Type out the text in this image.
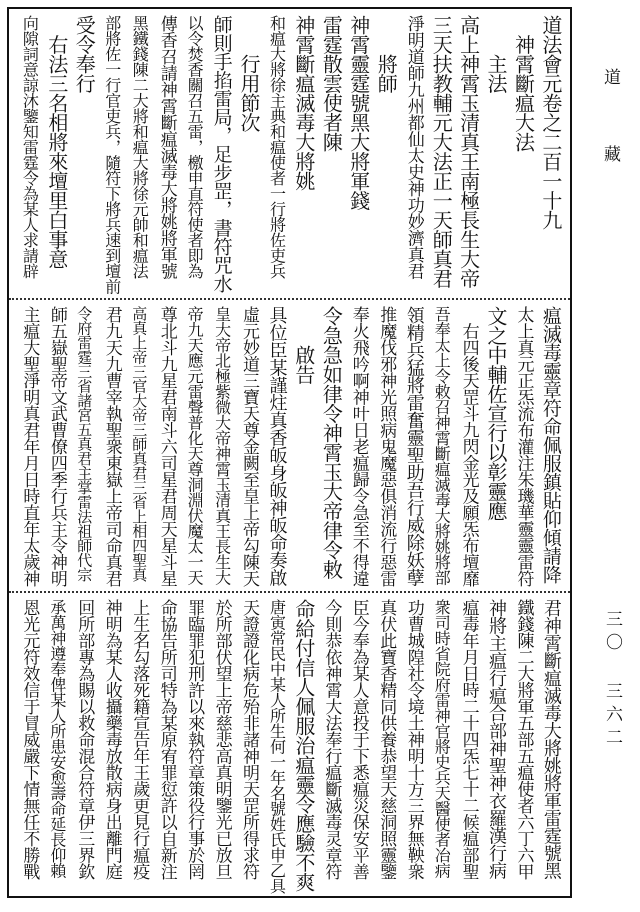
道法會元卷之二百一十九
　神霄斷瘟大法
　　主法
高上神霄玉清真王南極長生大帝
三天扶教輔元大法正一天師真君
淨明道師九州都仙太史神功妙濟真君
　　將師
神霄靈霆號黑大將軍錢
雷霆散雲使者陳
神霄斷瘟滅毒大將姚
和瘟大將徐主典和瘟使者一行將佐吏兵
　　行用節次
師則手掐雷局，足步罡，書符咒水
以令焚香關召五雷，檄申直符使者即為
傳香召請神霄斷瘟滅毒大將姚將軍號
黑鐵錢陳二大將和瘟大將徐元帥和瘟法
部將佐一行官吏兵，隨符下將兵速到壇前
受令奉行
　右法三名相將來壇里白事意
向隙詞意諒沐鑒知雷霆令為某人求請辟
瘟滅毒靈章符命佩服鎮貼仰傾請降
太上真元正炁流布灌注朱璣華靈靈雷符
文之中輔佐宣行以彰靈應
　右四後天罡斗九閃金光及願炁布壇靡
吾奉太上令敕召神霄斷瘟滅毒大將姚將部
領精兵猛將雷奮靈聖助吾行威除妖孽
推魔伐邪神光照病鬼魔惡俱消流行惡雷
奉火飛吟啊神叶日老瘟歸令急至不得違
令急急如律令神霄玉大帝律令敕
　　啟告
具位臣某謹炷真香皈身皈神皈命奏啟
虛元妙道三寶天尊金闕至皇上帝勾陳天
皇大帝北極紫微大帝神霄玉清真王長生大
帝九天應元雷聲普化天尊洞淵伏魔太一天
尊北斗九星君南斗六司星君周天星斗星
高真上帝三官大帝三師真君三省上相四聖真
君九天九曹宰執聖衆東嶽上帝司命真君
令府雷霆三省諸宮五真君主掌雷法祖師代宗
師五嶽聖帝文武曹僚四季行兵主令神明
主瘟大聖淨明真君年月日時直年太歲神
君神霄斷瘟滅毒大將姚將軍雷霆號黑
鐵錢陳二大將軍五部五瘟使者六丁六甲
神將主瘟行瘟合部神聖神衣羅漢行病
瘟毒年月日時二十四炁七十二候瘟部聖
衆司時省院府雷神官將史兵天醫使者冶病
功曹城隍社令境土神明十方三界無鞅衆
真伏此寶香精同供養恭望天慈洞照靈鑒
臣今奉為某人意投于下悉瘟災保安平善
今則恭依神霄大法奉行瘟斷滅毒灵章符
命給付信人佩服治瘟靈令應驗不爽
唐寅常民中某人所生何一年名號姓氏申乙具
天證證化病危殆非諸神明天罡所得求符
於所部伏望上帝慈悲高真明鑒光已放旦
罪臨罪犯刑許以來執符章策役行事於罔
命協告所司特為某原宥罪愆許以自新注
上生名勾落死籍宣告年王歲更見行瘟疫
神明為某人收攝藥毒放散病身出離門庭
回所部專為賜以救命混合符章伊三界欽
承萬神遵奉俾某人所患安愈壽命延長仰賴
恩光元符效信于冒威嚴下情無任不勝戰
道 藏
三〇 三六二
